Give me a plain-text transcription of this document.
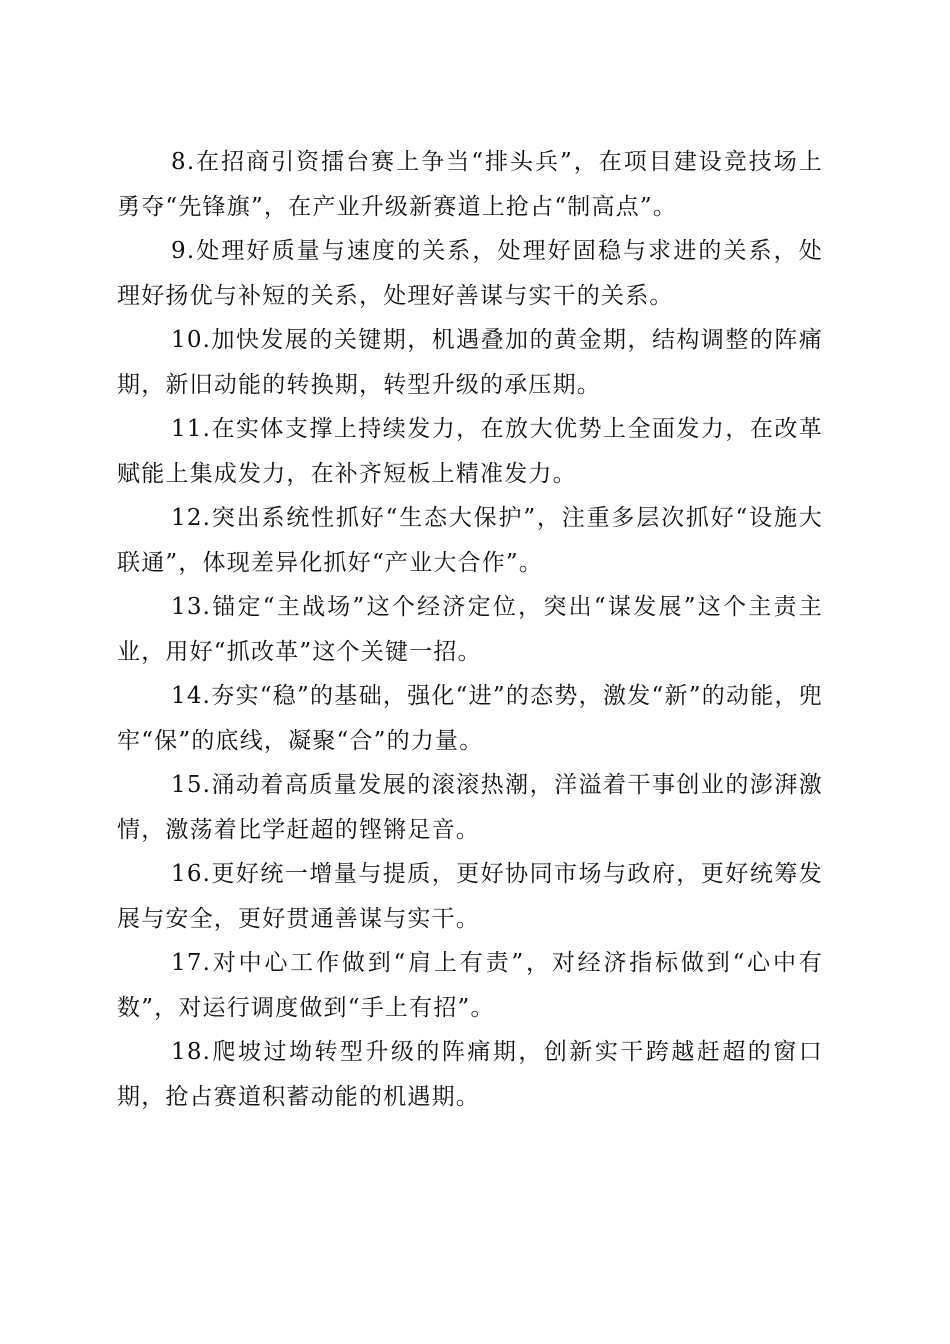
8.在招商引资擂台赛上争当“排头兵”，在项目建设竞技场上勇夺“先锋旗”，在产业升级新赛道上抢占“制高点”。

9.处理好质量与速度的关系，处理好固稳与求进的关系，处理好扬优与补短的关系，处理好善谋与实干的关系。

10.加快发展的关键期，机遇叠加的黄金期，结构调整的阵痛期，新旧动能的转换期，转型升级的承压期。

11.在实体支撑上持续发力，在放大优势上全面发力，在改革赋能上集成发力，在补齐短板上精准发力。

12.突出系统性抓好“生态大保护”，注重多层次抓好“设施大联通”，体现差异化抓好“产业大合作”。

13.锚定“主战场”这个经济定位，突出“谋发展”这个主责主业，用好“抓改革”这个关键一招。

14.夯实“稳”的基础，强化“进”的态势，激发“新”的动能，兜牢“保”的底线，凝聚“合”的力量。

15.涌动着高质量发展的滚滚热潮，洋溢着干事创业的澎湃激情，激荡着比学赶超的铿锵足音。

16.更好统一增量与提质，更好协同市场与政府，更好统筹发展与安全，更好贯通善谋与实干。

17.对中心工作做到“肩上有责”，对经济指标做到“心中有数”，对运行调度做到“手上有招”。

18.爬坡过坳转型升级的阵痛期，创新实干跨越赶超的窗口期，抢占赛道积蓄动能的机遇期。
